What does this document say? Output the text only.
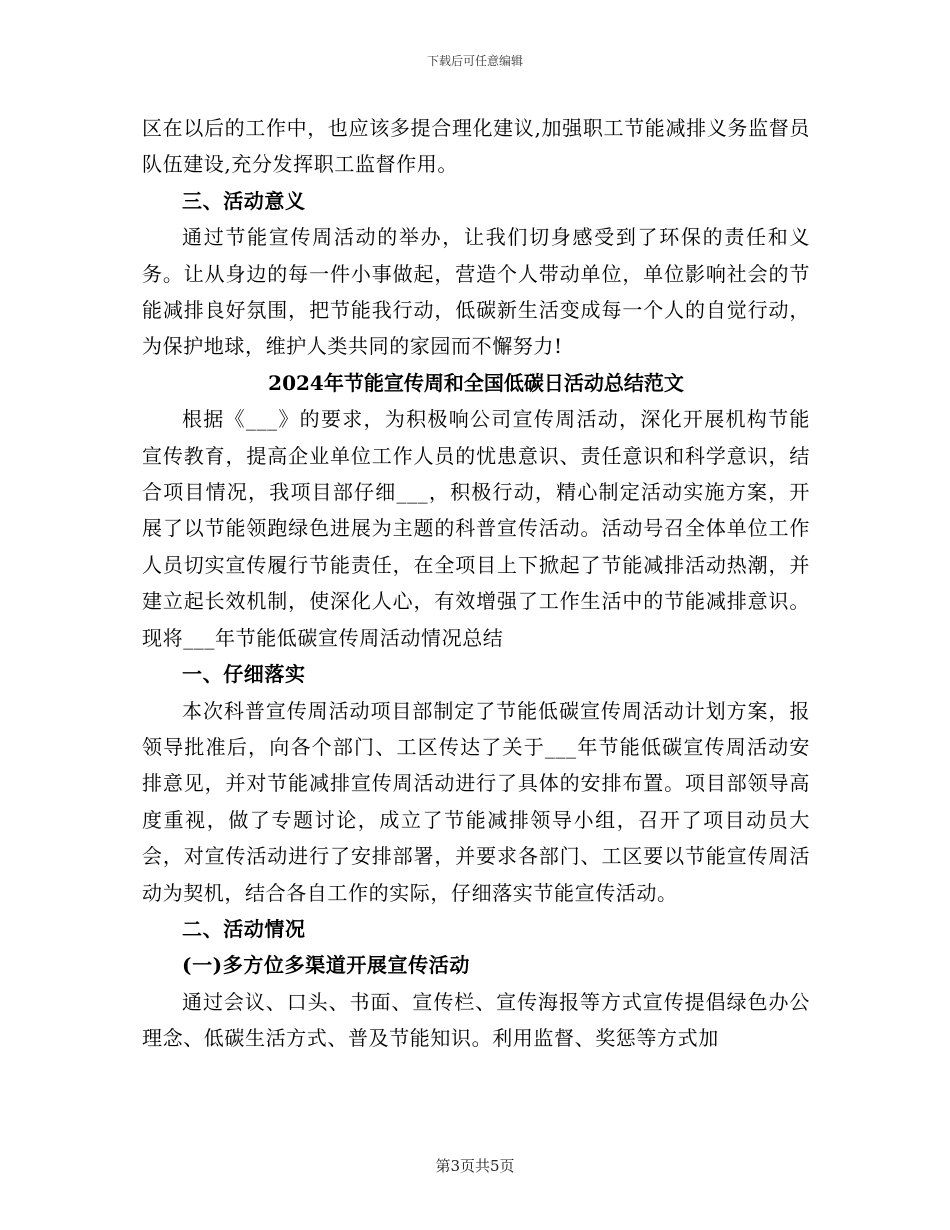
下载后可任意编辑

区在以后的工作中，也应该多提合理化建议,加强职工节能减排义务监督员队伍建设,充分发挥职工监督作用。

三、活动意义

通过节能宣传周活动的举办，让我们切身感受到了环保的责任和义务。让从身边的每一件小事做起，营造个人带动单位，单位影响社会的节能减排良好氛围，把节能我行动，低碳新生活变成每一个人的自觉行动，为保护地球，维护人类共同的家园而不懈努力!

2024年节能宣传周和全国低碳日活动总结范文

根据《___》的要求，为积极响公司宣传周活动，深化开展机构节能宣传教育，提高企业单位工作人员的忧患意识、责任意识和科学意识，结合项目情况，我项目部仔细___，积极行动，精心制定活动实施方案，开展了以节能领跑绿色进展为主题的科普宣传活动。活动号召全体单位工作人员切实宣传履行节能责任，在全项目上下掀起了节能减排活动热潮，并建立起长效机制，使深化人心，有效增强了工作生活中的节能减排意识。现将___年节能低碳宣传周活动情况总结

一、仔细落实

本次科普宣传周活动项目部制定了节能低碳宣传周活动计划方案，报领导批准后，向各个部门、工区传达了关于___年节能低碳宣传周活动安排意见，并对节能减排宣传周活动进行了具体的安排布置。项目部领导高度重视，做了专题讨论，成立了节能减排领导小组，召开了项目动员大会，对宣传活动进行了安排部署，并要求各部门、工区要以节能宣传周活动为契机，结合各自工作的实际，仔细落实节能宣传活动。

二、活动情况

(一)多方位多渠道开展宣传活动

通过会议、口头、书面、宣传栏、宣传海报等方式宣传提倡绿色办公理念、低碳生活方式、普及节能知识。利用监督、奖惩等方式加

第3页共5页
